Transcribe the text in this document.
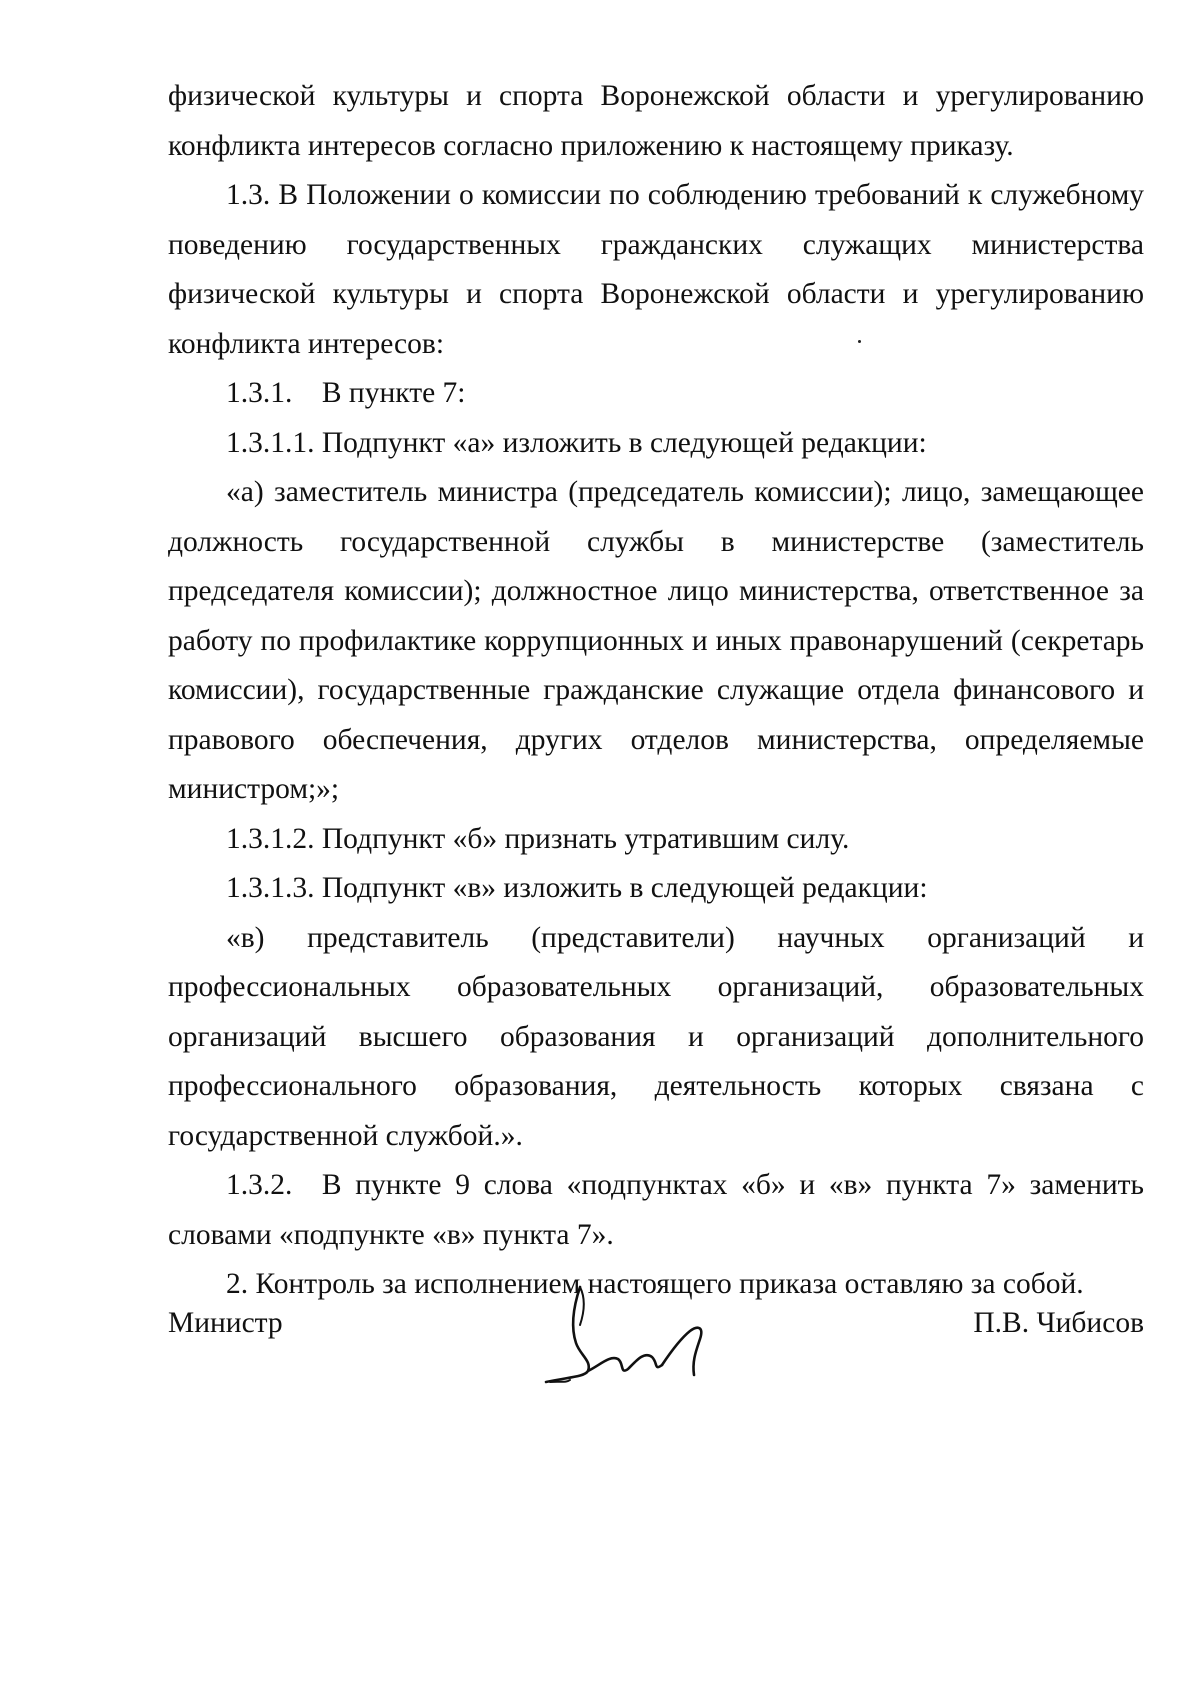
физической культуры и спорта Воронежской области и урегулированию конфликта интересов согласно приложению к настоящему приказу.

1.3. В Положении о комиссии по соблюдению требований к служебному поведению государственных гражданских служащих министерства физической культуры и спорта Воронежской области и урегулированию конфликта интересов:

1.3.1. В пункте 7:

1.3.1.1. Подпункт «а» изложить в следующей редакции:

«а) заместитель министра (председатель комиссии); лицо, замещающее должность государственной службы в министерстве (заместитель председателя комиссии); должностное лицо министерства, ответственное за работу по профилактике коррупционных и иных правонарушений (секретарь комиссии), государственные гражданские служащие отдела финансового и правового обеспечения, других отделов министерства, определяемые министром;»;

1.3.1.2. Подпункт «б» признать утратившим силу.

1.3.1.3. Подпункт «в» изложить в следующей редакции:

«в) представитель (представители) научных организаций и профессиональных образовательных организаций, образовательных организаций высшего образования и организаций дополнительного профессионального образования, деятельность которых связана с государственной службой.».

1.3.2. В пункте 9 слова «подпунктах «б» и «в» пункта 7» заменить словами «подпункте «в» пункта 7».

2. Контроль за исполнением настоящего приказа оставляю за собой.

Министр	П.В. Чибисов
